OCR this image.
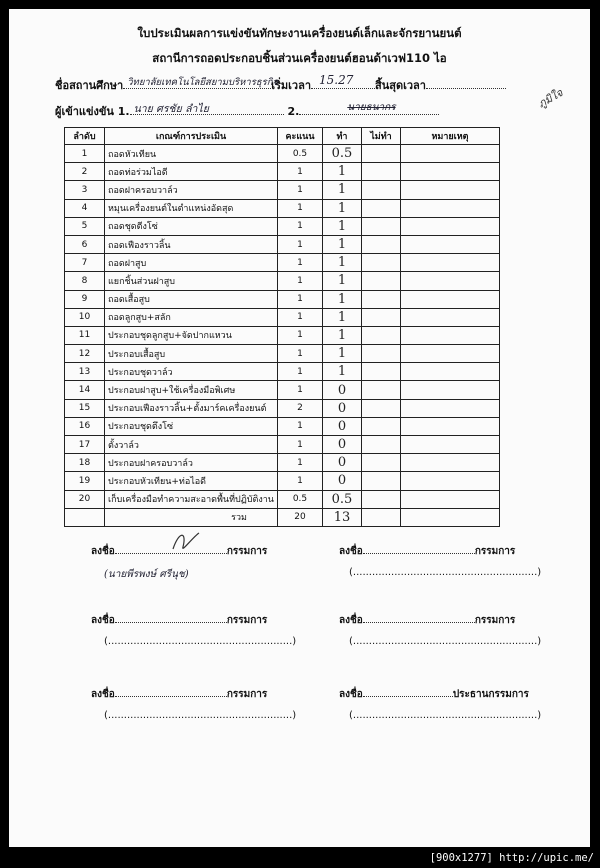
ใบประเมินผลการแข่งขันทักษะงานเครื่องยนต์เล็กและจักรยานยนต์
สถานีการถอดประกอบชิ้นส่วนเครื่องยนต์ฮอนด้าเวฟ110 ไอ
ชื่อสถานศึกษา วิทยาลัยเทคโนโลยีสยามบริหารธุรกิจ
เริ่มเวลา 15.27 สิ้นสุดเวลา
ผู้เข้าแข่งขัน 1. นาย ศรชัย ลำไย	2.	นายธนากร	ภูมิใจ
ลำดับ	เกณฑ์การประเมิน	คะแนน	ทำ	ไม่ทำ	หมายเหตุ
1	ถอดหัวเทียน	0.5	0.5		
2	ถอดท่อร่วมไอดี	1	1		
3	ถอดฝาครอบวาล์ว	1	1		
4	หมุนเครื่องยนต์ในตำแหน่งอัดสุด	1	1		
5	ถอดชุดตีงโซ่	1	1		
6	ถอดเฟืองราวลิ้น	1	1		
7	ถอดฝาสูบ	1	1		
8	แยกชิ้นส่วนฝาสูบ	1	1		
9	ถอดเสื้อสูบ	1	1		
10	ถอดลูกสูบ+สลัก	1	1		
11	ประกอบชุดลูกสูบ+จัดปากแหวน	1	1		
12	ประกอบเสื้อสูบ	1	1		
13	ประกอบชุดวาล์ว	1	1		
14	ประกอบฝาสูบ+ใช้เครื่องมือพิเศษ	1	0		
15	ประกอบเฟืองราวลิ้น+ตั้งมาร์คเครื่องยนต์	2	0		
16	ประกอบชุดตึงโซ่	1	0		
17	ตั้งวาล์ว	1	0		
18	ประกอบฝาครอบวาล์ว	1	0		
19	ประกอบหัวเทียน+ท่อไอดี	1	0		
20	เก็บเครื่องมือทำความสะอาดพื้นที่ปฏิบัติงาน	0.5	0.5		
	รวม	20	13		
ลงชื่อ	กรรมการ
(นายพีรพงษ์ ศรีนุช)
ลงชื่อ	กรรมการ
(..........................................................)
ลงชื่อ	กรรมการ
(..........................................................)
ลงชื่อ	กรรมการ
(..........................................................)
ลงชื่อ	กรรมการ
(..........................................................)
ลงชื่อ	ประธานกรรมการ
(..........................................................)
[900x1277] http://upic.me/
